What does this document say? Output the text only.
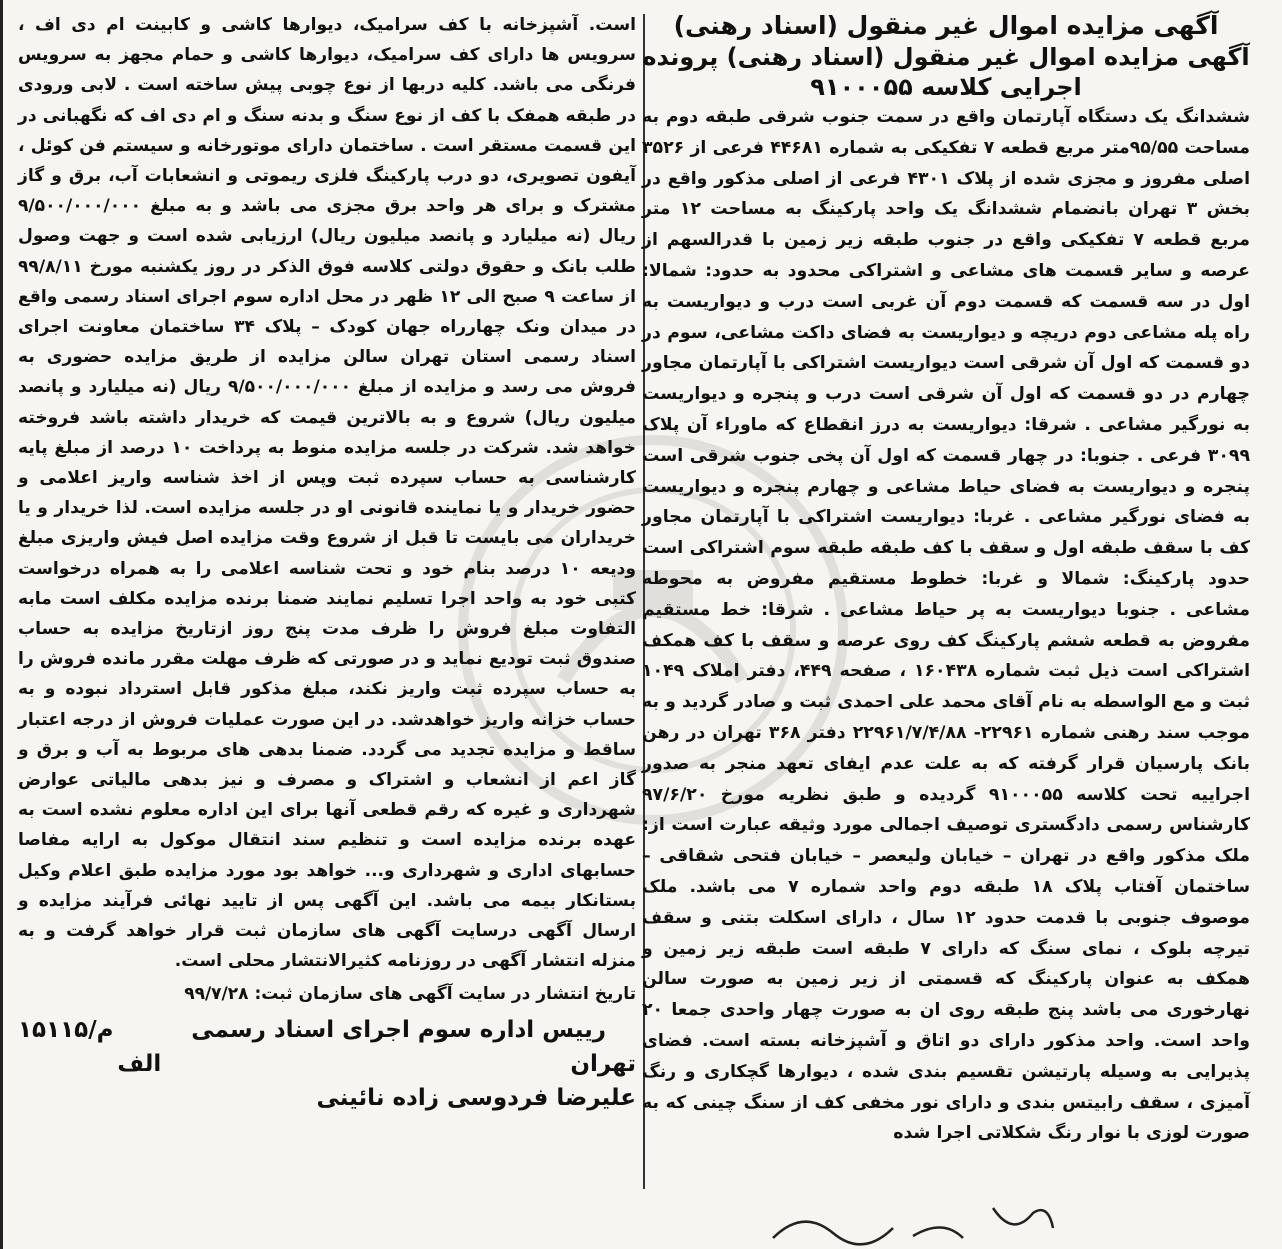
آگهی مزایده اموال غیر منقول (اسناد رهنی)
آگهی مزایده اموال غیر منقول (اسناد رهنی) پرونده اجرایی کلاسه ۹۱۰۰۰۵۵

ششدانگ یک دستگاه آپارتمان واقع در سمت جنوب شرقی طبقه دوم به مساحت ۹۵/۵۵متر مربع قطعه ۷ تفکیکی به شماره ۴۴۶۸۱ فرعی از ۳۵۲۶ اصلی مفروز و مجزی شده از پلاک ۴۳۰۱ فرعی از اصلی مذکور واقع در بخش ۳ تهران بانضمام ششدانگ یک واحد پارکینگ به مساحت ۱۲ متر مربع قطعه ۷ تفکیکی واقع در جنوب طبقه زیر زمین با قدرالسهم از عرصه و سایر قسمت های مشاعی و اشتراکی محدود به حدود: شمالا: اول در سه قسمت که قسمت دوم آن غربی است درب و دیواریست به راه پله مشاعی دوم دریچه و دیواریست به فضای داکت مشاعی، سوم در دو قسمت که اول آن شرقی است دیواریست اشتراکی با آپارتمان مجاور چهارم در دو قسمت که اول آن شرقی است درب و پنجره و دیواریست به نورگیر مشاعی . شرقا: دیواریست به درز انقطاع که ماوراء آن پلاک ۳۰۹۹ فرعی . جنوبا: در چهار قسمت که اول آن پخی جنوب شرقی است پنجره و دیواریست به فضای حیاط مشاعی و چهارم پنجره و دیواریست به فضای نورگیر مشاعی . غربا: دیواریست اشتراکی با آپارتمان مجاور کف با سقف طبقه اول و سقف با کف طبقه طبقه سوم اشتراکی است حدود پارکینگ: شمالا و غربا: خطوط مستقیم مفروض به محوطه مشاعی . جنوبا دیواریست به پر حیاط مشاعی . شرقا: خط مستقیم مفروض به قطعه ششم پارکینگ کف روی عرصه و سقف با کف همکف اشتراکی است ذیل ثبت شماره ۱۶۰۴۳۸ ، صفحه ۴۴۹، دفتر املاک ۱۰۴۹ ثبت و مع الواسطه به نام آقای محمد علی احمدی ثبت و صادر گردید و به موجب سند رهنی شماره ۲۲۹۶۱- ۲۲۹۶۱/۷/۴/۸۸ دفتر ۳۶۸ تهران در رهن بانک پارسیان قرار گرفته که به علت عدم ایفای تعهد منجر به صدور اجراییه تحت کلاسه ۹۱۰۰۰۵۵ گردیده و طبق نظریه مورخ ۹۷/۶/۲۰ کارشناس رسمی دادگستری توصیف اجمالی مورد وثیقه عبارت است از: ملک مذکور واقع در تهران – خیابان ولیعصر – خیابان فتحی شقاقی – ساختمان آفتاب پلاک ۱۸ طبقه دوم واحد شماره ۷ می باشد. ملک موصوف جنوبی با قدمت حدود ۱۲ سال ، دارای اسکلت بتنی و سقف تیرچه بلوک ، نمای سنگ که دارای ۷ طبقه است طبقه زیر زمین و همکف به عنوان پارکینگ که قسمتی از زیر زمین به صورت سالن نهارخوری می باشد پنج طبقه روی ان به صورت چهار واحدی جمعا ۲۰ واحد است. واحد مذکور دارای دو اتاق و آشپزخانه بسته است. فضای پذیرایی به وسیله پارتیشن تقسیم بندی شده ، دیوارها گچکاری و رنگ آمیزی ، سقف رابیتس بندی و دارای نور مخفی کف از سنگ چینی که به صورت لوزی با نوار رنگ شکلاتی اجرا شده

است. آشپزخانه با کف سرامیک، دیوارها کاشی و کابینت ام دی اف ، سرویس ها دارای کف سرامیک، دیوارها کاشی و حمام مجهز به سرویس فرنگی می باشد. کلیه دربها از نوع چوبی پیش ساخته است . لابی ورودی در طبقه همفک با کف از نوع سنگ و بدنه سنگ و ام دی اف که نگهبانی در این قسمت مستقر است . ساختمان دارای موتورخانه و سیستم فن کوئل ، آیفون تصویری، دو درب پارکینگ فلزی ریموتی و انشعابات آب، برق و گاز مشترک و برای هر واحد برق مجزی می باشد و به مبلغ ۹/۵۰۰/۰۰۰/۰۰۰ ریال (نه میلیارد و پانصد میلیون ریال) ارزیابی شده است و جهت وصول طلب بانک و حقوق دولتی کلاسه فوق الذکر در روز یکشنبه مورخ ۹۹/۸/۱۱ از ساعت ۹ صبح الی ۱۲ ظهر در محل اداره سوم اجرای اسناد رسمی واقع در میدان ونک چهارراه جهان کودک – پلاک ۳۴ ساختمان معاونت اجرای اسناد رسمی استان تهران سالن مزایده از طریق مزایده حضوری به فروش می رسد و مزایده از مبلغ ۹/۵۰۰/۰۰۰/۰۰۰ ریال (نه میلیارد و پانصد میلیون ریال) شروع و به بالاترین قیمت که خریدار داشته باشد فروخته خواهد شد. شرکت در جلسه مزایده منوط به پرداخت ۱۰ درصد از مبلغ پایه کارشناسی به حساب سپرده ثبت وپس از اخذ شناسه واریز اعلامی و حضور خریدار و یا نماینده قانونی او در جلسه مزایده است. لذا خریدار و یا خریداران می بایست تا قبل از شروع وقت مزایده اصل فیش واریزی مبلغ ودیعه ۱۰ درصد بنام خود و تحت شناسه اعلامی را به همراه درخواست کتبی خود به واحد اجرا تسلیم نمایند ضمنا برنده مزایده مکلف است مابه التفاوت مبلغ فروش را ظرف مدت پنج روز ازتاریخ مزایده به حساب صندوق ثبت تودیع نماید و در صورتی که ظرف مهلت مقرر مانده فروش را به حساب سپرده ثبت واریز نکند، مبلغ مذکور قابل استرداد نبوده و به حساب خزانه واریز خواهدشد. در این صورت عملیات فروش از درجه اعتبار ساقط و مزایده تجدید می گردد. ضمنا بدهی های مربوط به آب و برق و گاز اعم از انشعاب و اشتراک و مصرف و نیز بدهی مالیاتی عوارض شهرداری و غیره که رقم قطعی آنها برای این اداره معلوم نشده است به عهده برنده مزایده است و تنظیم سند انتقال موکول به ارایه مفاصا حسابهای اداری و شهرداری و... خواهد بود مورد مزایده طبق اعلام وکیل بستانکار بیمه می باشد. این آگهی پس از تایید نهائی فرآیند مزایده و ارسال آگهی درسایت آگهی های سازمان ثبت قرار خواهد گرفت و به منزله انتشار آگهی در روزنامه کثیرالانتشار محلی است.

تاریخ انتشار در سایت آگهی های سازمان ثبت: ۹۹/۷/۲۸
رییس اداره سوم اجرای اسناد رسمی تهران
علیرضا فردوسی زاده نائینی
۱۵۱۱۵/م الف
